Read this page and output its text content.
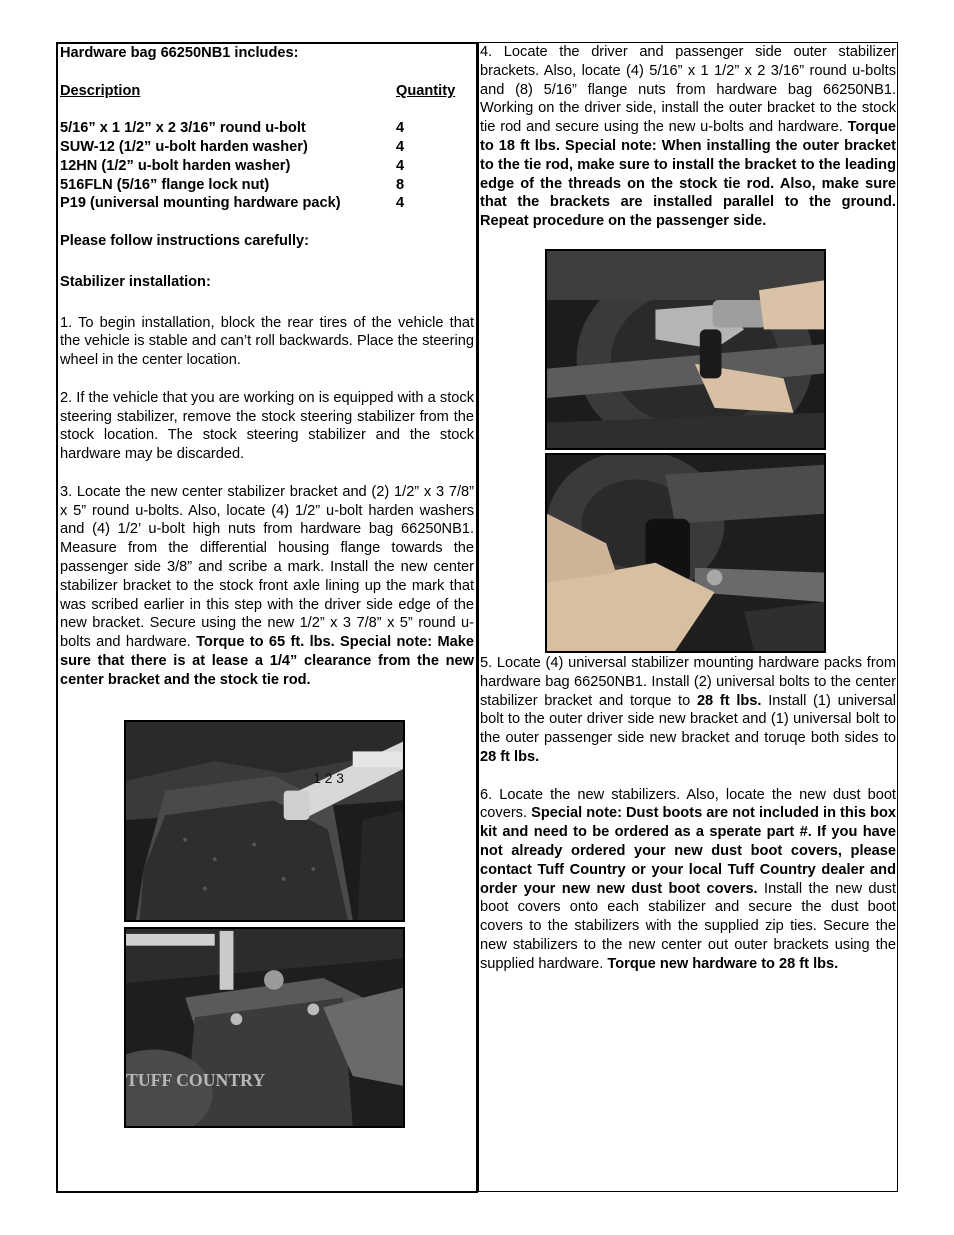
Hardware bag 66250NB1 includes:

Description	Quantity
5/16” x 1 1/2” x 2 3/16” round u-bolt	4
SUW-12 (1/2” u-bolt harden washer)	4
12HN (1/2” u-bolt harden washer)	4
516FLN (5/16” flange lock nut)	8
P19 (universal mounting hardware pack)	4

Please follow instructions carefully:

Stabilizer installation:

1. To begin installation, block the rear tires of the vehicle that the vehicle is stable and can’t roll backwards. Place the steering wheel in the center location.

2. If the vehicle that you are working on is equipped with a stock steering stabilizer, remove the stock steering stabilizer from the stock location. The stock steering stabilizer and the stock hardware may be discarded.

3. Locate the new center stabilizer bracket and (2) 1/2” x 3 7/8” x 5” round u-bolts. Also, locate (4) 1/2” u-bolt harden washers and (4) 1/2’ u-bolt high nuts from hardware bag 66250NB1. Measure from the differential housing flange towards the passenger side 3/8” and scribe a mark. Install the new center stabilizer bracket to the stock front axle lining up the mark that was scribed earlier in this step with the driver side edge of the new bracket. Secure using the new 1/2” x 3 7/8” x 5” round u-bolts and hardware. Torque to 65 ft. lbs. Special note: Make sure that there is at lease a 1/4” clearance from the new center bracket and the stock tie rod.

1 2 3
TUFF COUNTRY

4. Locate the driver and passenger side outer stabilizer brackets. Also, locate (4) 5/16” x 1 1/2” x 2 3/16” round u-bolts and (8) 5/16” flange nuts from hardware bag 66250NB1. Working on the driver side, install the outer bracket to the stock tie rod and secure using the new u-bolts and hardware. Torque to 18 ft lbs. Special note: When installing the outer bracket to the tie rod, make sure to install the bracket to the leading edge of the threads on the stock tie rod. Also, make sure that the brackets are installed parallel to the ground. Repeat procedure on the passenger side.

5. Locate (4) universal stabilizer mounting hardware packs from hardware bag 66250NB1. Install (2) universal bolts to the center stabilizer bracket and torque to 28 ft lbs. Install (1) universal bolt to the outer driver side new bracket and (1) universal bolt to the outer passenger side new bracket and toruqe both sides to 28 ft lbs.

6. Locate the new stabilizers. Also, locate the new dust boot covers. Special note: Dust boots are not included in this box kit and need to be ordered as a sperate part #. If you have not already ordered your new dust boot covers, please contact Tuff Country or your local Tuff Country dealer and order your new new dust boot covers. Install the new dust boot covers onto each stabilizer and secure the dust boot covers to the stabilizers with the supplied zip ties. Secure the new stabilizers to the new center out outer brackets using the supplied hardware. Torque new hardware to 28 ft lbs.
